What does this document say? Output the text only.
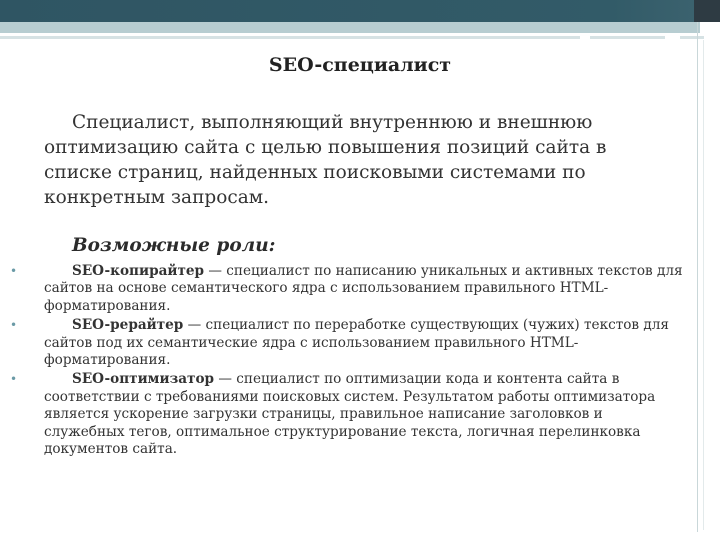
SEO-специалист
Специалист, выполняющий внутреннюю и внешнюю оптимизацию сайта с целью повышения позиций сайта в списке страниц, найденных поисковыми системами по конкретным запросам.
Возможные роли:
•	SEO-копирайтер — специалист по написанию уникальных и активных текстов для сайтов на основе семантического ядра с использованием правильного HTML-форматирования.
•	SEO-рерайтер — специалист по переработке существующих (чужих) текстов для сайтов под их семантические ядра с использованием правильного HTML-форматирования.
•	SEO-оптимизатор — специалист по оптимизации кода и контента сайта в соответствии с требованиями поисковых систем. Результатом работы оптимизатора является ускорение загрузки страницы, правильное написание заголовков и служебных тегов, оптимальное структурирование текста, логичная перелинковка документов сайта.
